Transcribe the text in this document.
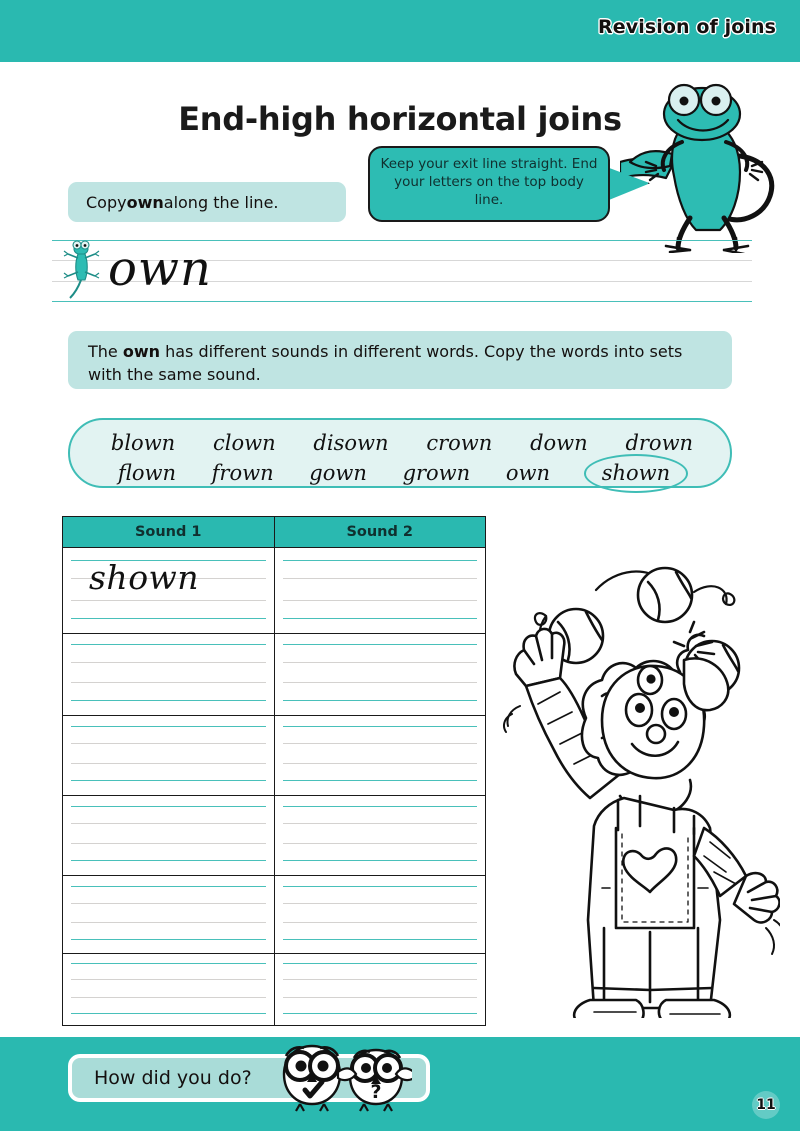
Revision of joins
End-high horizontal joins
Keep your exit line straight. End your letters on the top body line.
Copy own along the line.
own
The own has different sounds in different words. Copy the words into sets with the same sound.
blown clown disown crown down drown
flown frown gown grown own	shown
Sound 1	Sound 2
shown
How did you do?
?
11
